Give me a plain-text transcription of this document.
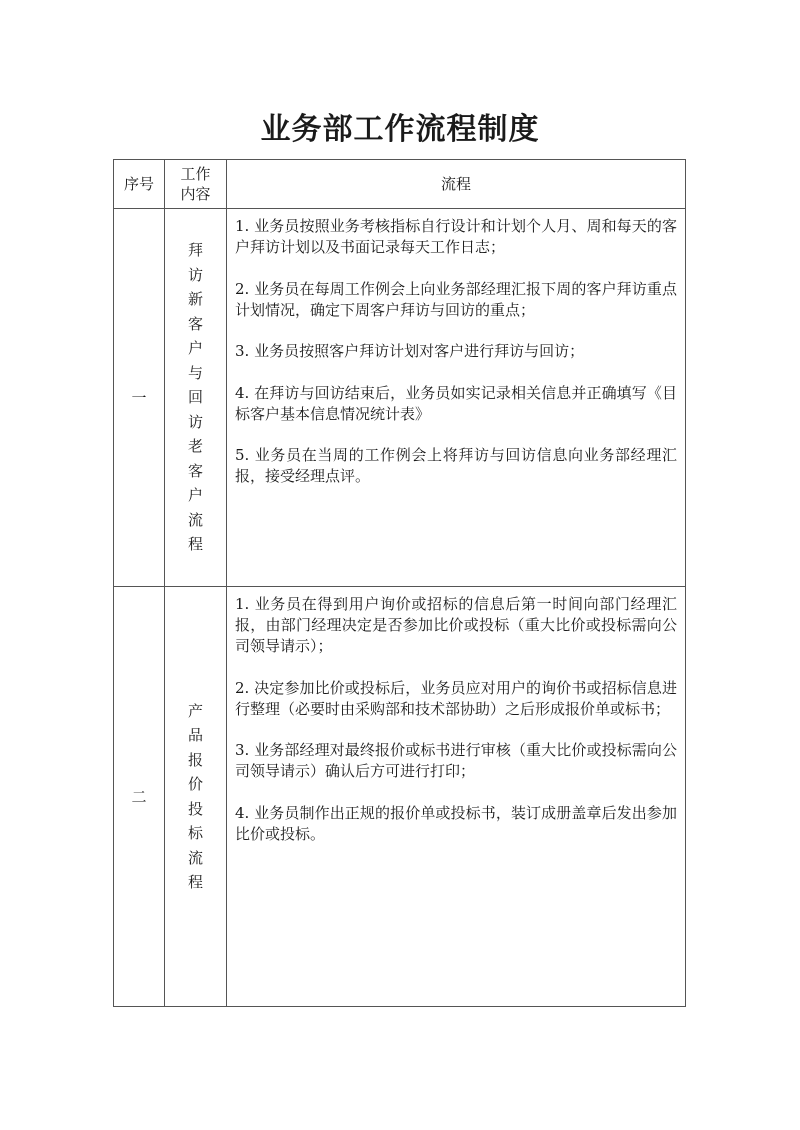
业务部工作流程制度
序号	工作内容	流程
一	拜访新客户与回访老客户流程	1. 业务员按照业务考核指标自行设计和计划个人月、周和每天的客户拜访计划以及书面记录每天工作日志；

2. 业务员在每周工作例会上向业务部经理汇报下周的客户拜访重点计划情况，确定下周客户拜访与回访的重点；

3. 业务员按照客户拜访计划对客户进行拜访与回访；

4. 在拜访与回访结束后，业务员如实记录相关信息并正确填写《目标客户基本信息情况统计表》

5. 业务员在当周的工作例会上将拜访与回访信息向业务部经理汇报，接受经理点评。

二	产品报价投标流程	1. 业务员在得到用户询价或招标的信息后第一时间向部门经理汇报，由部门经理决定是否参加比价或投标（重大比价或投标需向公司领导请示）；

2. 决定参加比价或投标后，业务员应对用户的询价书或招标信息进行整理（必要时由采购部和技术部协助）之后形成报价单或标书；

3. 业务部经理对最终报价或标书进行审核（重大比价或投标需向公司领导请示）确认后方可进行打印；

4. 业务员制作出正规的报价单或投标书，装订成册盖章后发出参加比价或投标。
